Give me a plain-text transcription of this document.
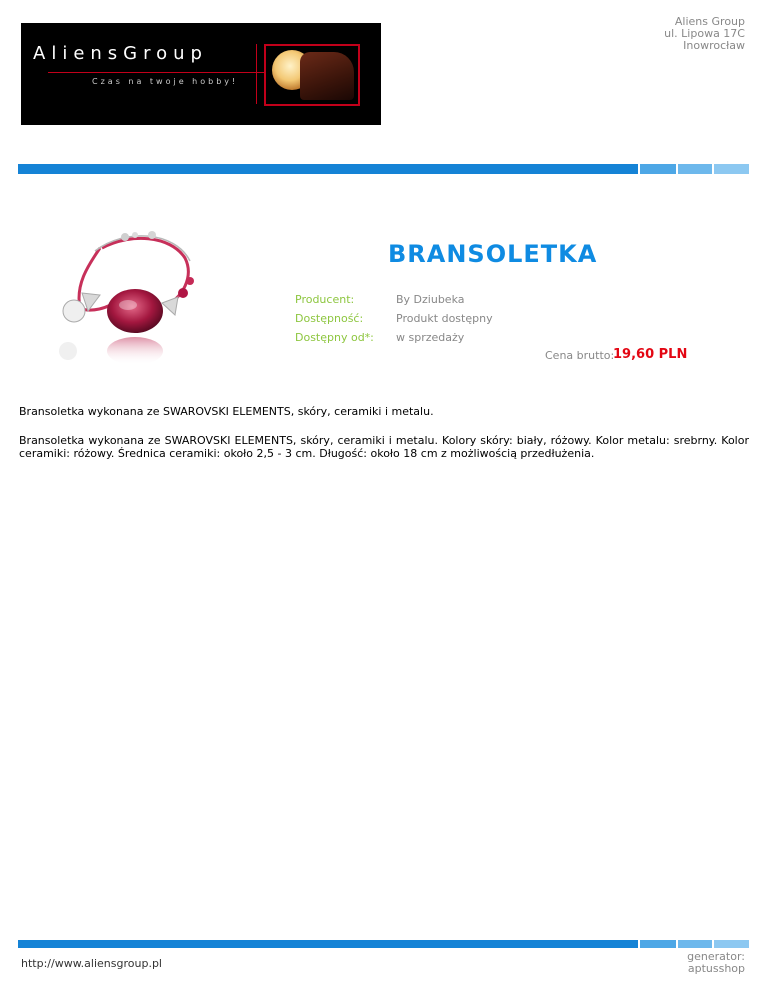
AliensGroup
Czas na twoje hobby!
Aliens Group
ul. Lipowa 17C
Inowrocław
BRANSOLETKA
Producent:	By Dziubeka
Dostępność:	Produkt dostępny
Dostępny od*: w sprzedaży
Cena brutto:
19,60 PLN
Bransoletka wykonana ze SWAROVSKI ELEMENTS, skóry, ceramiki i metalu.
Bransoletka wykonana ze SWAROVSKI ELEMENTS, skóry, ceramiki i metalu. Kolory skóry: biały, różowy. Kolor metalu: srebrny. Kolor ceramiki: różowy. Średnica ceramiki: około 2,5 - 3 cm. Długość: około 18 cm z możliwością przedłużenia.
http://www.aliensgroup.pl
generator:
aptusshop
